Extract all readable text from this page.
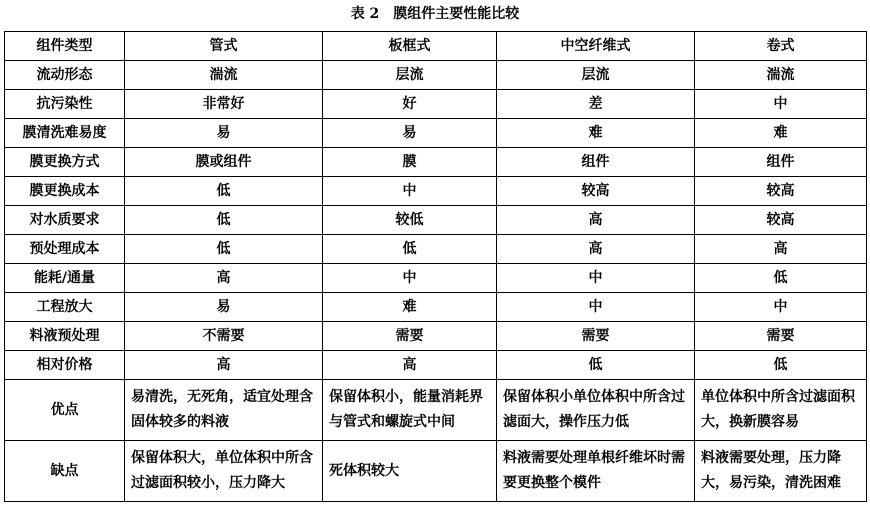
表 2　膜组件主要性能比较
组件类型	管式	板框式	中空纤维式	卷式
流动形态	湍流	层流	层流	湍流
抗污染性	非常好	好	差	中
膜清洗难易度	易	易	难	难
膜更换方式	膜或组件	膜	组件	组件
膜更换成本	低	中	较高	较高
对水质要求	低	较低	高	较高
预处理成本	低	低	高	高
能耗/通量	高	中	中	低
工程放大	易	难	中	中
料液预处理	不需要	需要	需要	需要
相对价格	高	高	低	低
优点	易清洗，无死角，适宜处理含固体较多的料液	保留体积小，能量消耗界与管式和螺旋式中间	保留体积小单位体积中所含过滤面大，操作压力低	单位体积中所含过滤面积大，换新膜容易
缺点	保留体积大，单位体积中所含过滤面积较小，压力降大	死体积较大	料液需要处理单根纤维坏时需要更换整个模件	料液需要处理，压力降大，易污染，清洗困难
